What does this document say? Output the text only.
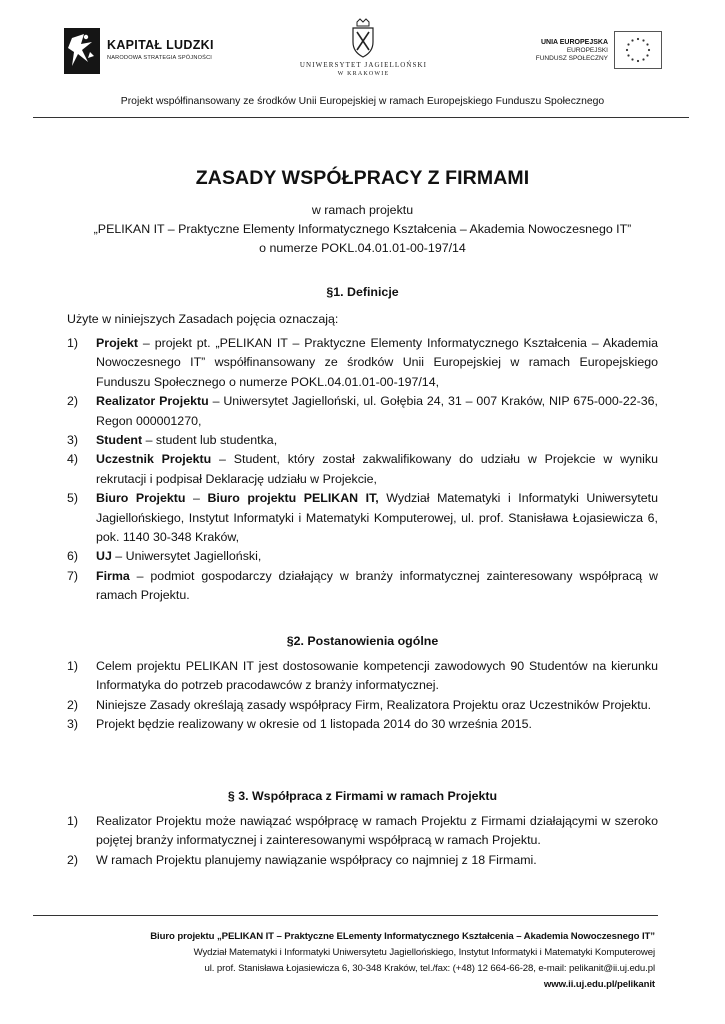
KAPITAŁ LUDZKI
NARODOWA STRATEGIA SPÓJNOŚCI
UNIWERSYTET JAGIELLOŃSKI
W KRAKOWIE
UNIA EUROPEJSKA
EUROPEJSKI
FUNDUSZ SPOŁECZNY
Projekt współfinansowany ze środków Unii Europejskiej w ramach Europejskiego Funduszu Społecznego
ZASADY WSPÓŁPRACY Z FIRMAMI
w ramach projektu
„PELIKAN IT – Praktyczne Elementy Informatycznego Kształcenia – Akademia Nowoczesnego IT”
o numerze POKL.04.01.01-00-197/14
§1. Definicje
Użyte w niniejszych Zasadach pojęcia oznaczają:
1) Projekt – projekt pt. „PELIKAN IT – Praktyczne Elementy Informatycznego Kształcenia – Akademia Nowoczesnego IT” współfinansowany ze środków Unii Europejskiej w ramach Europejskiego Funduszu Społecznego o numerze POKL.04.01.01-00-197/14,
2) Realizator Projektu – Uniwersytet Jagielloński, ul. Gołębia 24, 31 – 007 Kraków, NIP 675-000-22-36, Regon 000001270,
3) Student – student lub studentka,
4) Uczestnik Projektu – Student, który został zakwalifikowany do udziału w Projekcie w wyniku rekrutacji i podpisał Deklarację udziału w Projekcie,
5) Biuro Projektu – Biuro projektu PELIKAN IT, Wydział Matematyki i Informatyki Uniwersytetu Jagiellońskiego, Instytut Informatyki i Matematyki Komputerowej, ul. prof. Stanisława Łojasiewicza 6, pok. 1140 30-348 Kraków,
6) UJ – Uniwersytet Jagielloński,
7) Firma – podmiot gospodarczy działający w branży informatycznej zainteresowany współpracą w ramach Projektu.
§2. Postanowienia ogólne
1) Celem projektu PELIKAN IT jest dostosowanie kompetencji zawodowych 90 Studentów na kierunku Informatyka do potrzeb pracodawców z branży informatycznej.
2) Niniejsze Zasady określają zasady współpracy Firm, Realizatora Projektu oraz Uczestników Projektu.
3) Projekt będzie realizowany w okresie od 1 listopada 2014 do 30 września 2015.
§ 3. Współpraca z Firmami w ramach Projektu
1) Realizator Projektu może nawiązać współpracę w ramach Projektu z Firmami działającymi w szeroko pojętej branży informatycznej i zainteresowanymi współpracą w ramach Projektu.
2) W ramach Projektu planujemy nawiązanie współpracy co najmniej z 18 Firmami.
Biuro projektu „PELIKAN IT – Praktyczne ELementy Informatycznego Kształcenia – Akademia Nowoczesnego IT”
Wydział Matematyki i Informatyki Uniwersytetu Jagiellońskiego, Instytut Informatyki i Matematyki Komputerowej
ul. prof. Stanisława Łojasiewicza 6, 30-348 Kraków, tel./fax: (+48) 12 664-66-28, e-mail: pelikanit@ii.uj.edu.pl
www.ii.uj.edu.pl/pelikanit
